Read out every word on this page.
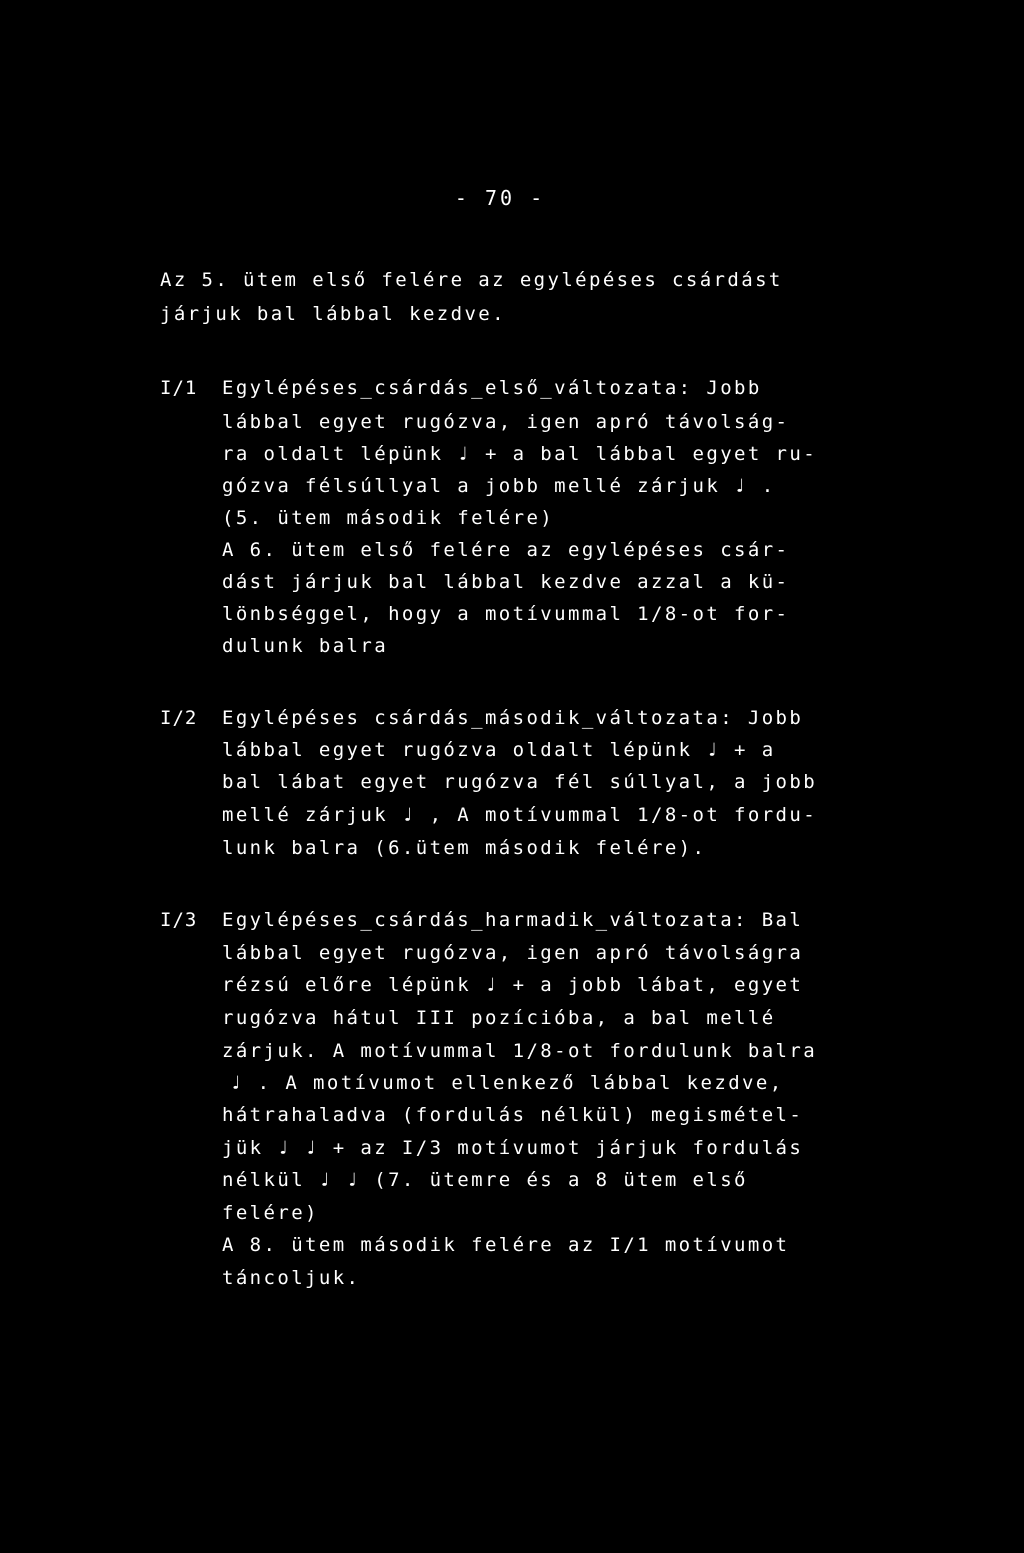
- 70 -
Az 5. ütem első felére az egylépéses csárdást
járjuk bal lábbal kezdve.
I/1 Egylépéses_csárdás_első_változata: Jobb
lábbal egyet rugózva, igen apró távolság-
ra oldalt lépünk ♩ + a bal lábbal egyet ru-
gózva félsúllyal a jobb mellé zárjuk ♩ .
(5. ütem második felére)
A 6. ütem első felére az egylépéses csár-
dást járjuk bal lábbal kezdve azzal a kü-
lönbséggel, hogy a motívummal 1/8-ot for-
dulunk balra
I/2 Egylépéses csárdás_második_változata: Jobb
lábbal egyet rugózva oldalt lépünk ♩ + a
bal lábat egyet rugózva fél súllyal, a jobb
mellé zárjuk ♩ , A motívummal 1/8-ot fordu-
lunk balra (6.ütem második felére).
I/3 Egylépéses_csárdás_harmadik_változata: Bal
lábbal egyet rugózva, igen apró távolságra
rézsú előre lépünk ♩ + a jobb lábat, egyet
rugózva hátul III pozícióba, a bal mellé
zárjuk. A motívummal 1/8-ot fordulunk balra
♩ . A motívumot ellenkező lábbal kezdve,
hátrahaladva (fordulás nélkül) megismétel-
jük ♩ ♩ + az I/3 motívumot járjuk fordulás
nélkül ♩ ♩ (7. ütemre és a 8 ütem első
felére)
A 8. ütem második felére az I/1 motívumot
táncoljuk.
